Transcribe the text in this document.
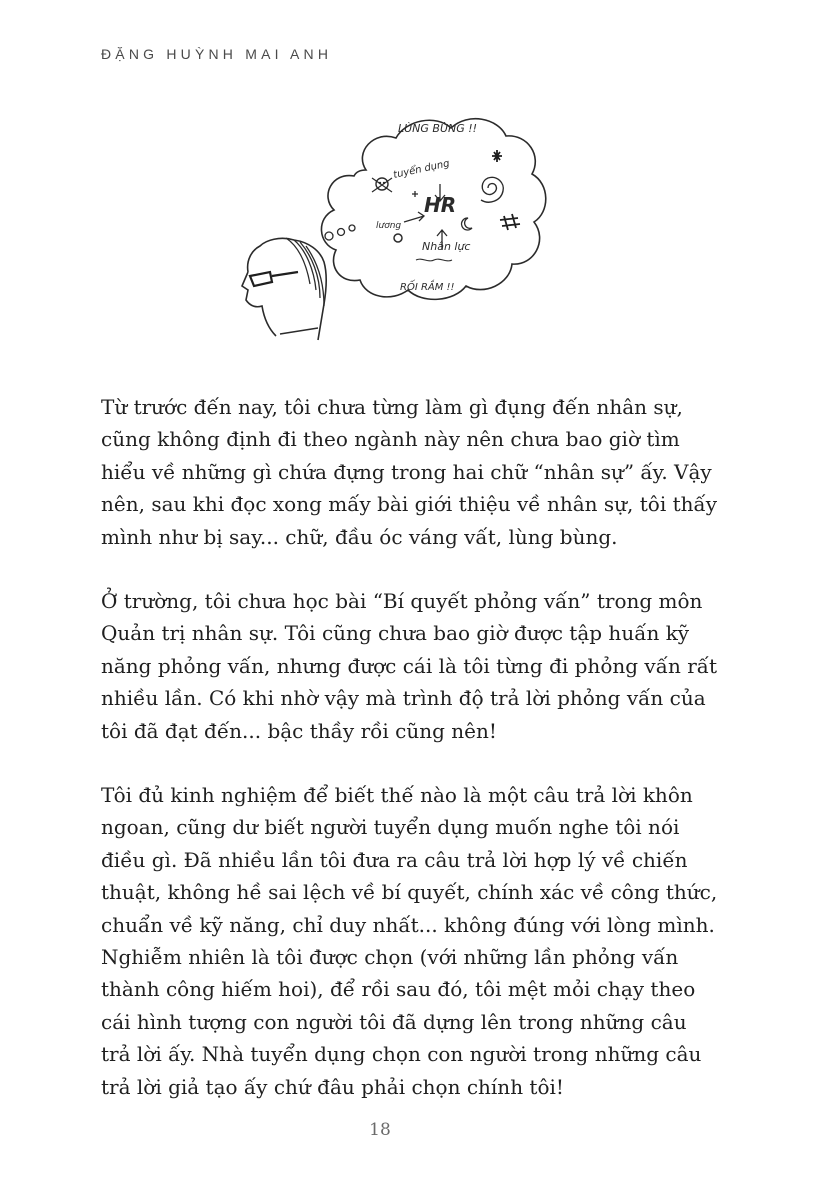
ĐẶNG HUỲNH MAI ANH
LÙNG BÙNG !!
tuyển dụng
HR
lương
Nhân lực
RỐI RẮM !!

Từ trước đến nay, tôi chưa từng làm gì đụng đến nhân sự,
cũng không định đi theo ngành này nên chưa bao giờ tìm
hiểu về những gì chứa đựng trong hai chữ “nhân sự” ấy. Vậy
nên, sau khi đọc xong mấy bài giới thiệu về nhân sự, tôi thấy
mình như bị say... chữ, đầu óc váng vất, lùng bùng.

Ở trường, tôi chưa học bài “Bí quyết phỏng vấn” trong môn
Quản trị nhân sự. Tôi cũng chưa bao giờ được tập huấn kỹ
năng phỏng vấn, nhưng được cái là tôi từng đi phỏng vấn rất
nhiều lần. Có khi nhờ vậy mà trình độ trả lời phỏng vấn của
tôi đã đạt đến... bậc thầy rồi cũng nên!

Tôi đủ kinh nghiệm để biết thế nào là một câu trả lời khôn
ngoan, cũng dư biết người tuyển dụng muốn nghe tôi nói
điều gì. Đã nhiều lần tôi đưa ra câu trả lời hợp lý về chiến
thuật, không hề sai lệch về bí quyết, chính xác về công thức,
chuẩn về kỹ năng, chỉ duy nhất... không đúng với lòng mình.
Nghiễm nhiên là tôi được chọn (với những lần phỏng vấn
thành công hiếm hoi), để rồi sau đó, tôi mệt mỏi chạy theo
cái hình tượng con người tôi đã dựng lên trong những câu
trả lời ấy. Nhà tuyển dụng chọn con người trong những câu
trả lời giả tạo ấy chứ đâu phải chọn chính tôi!

18
